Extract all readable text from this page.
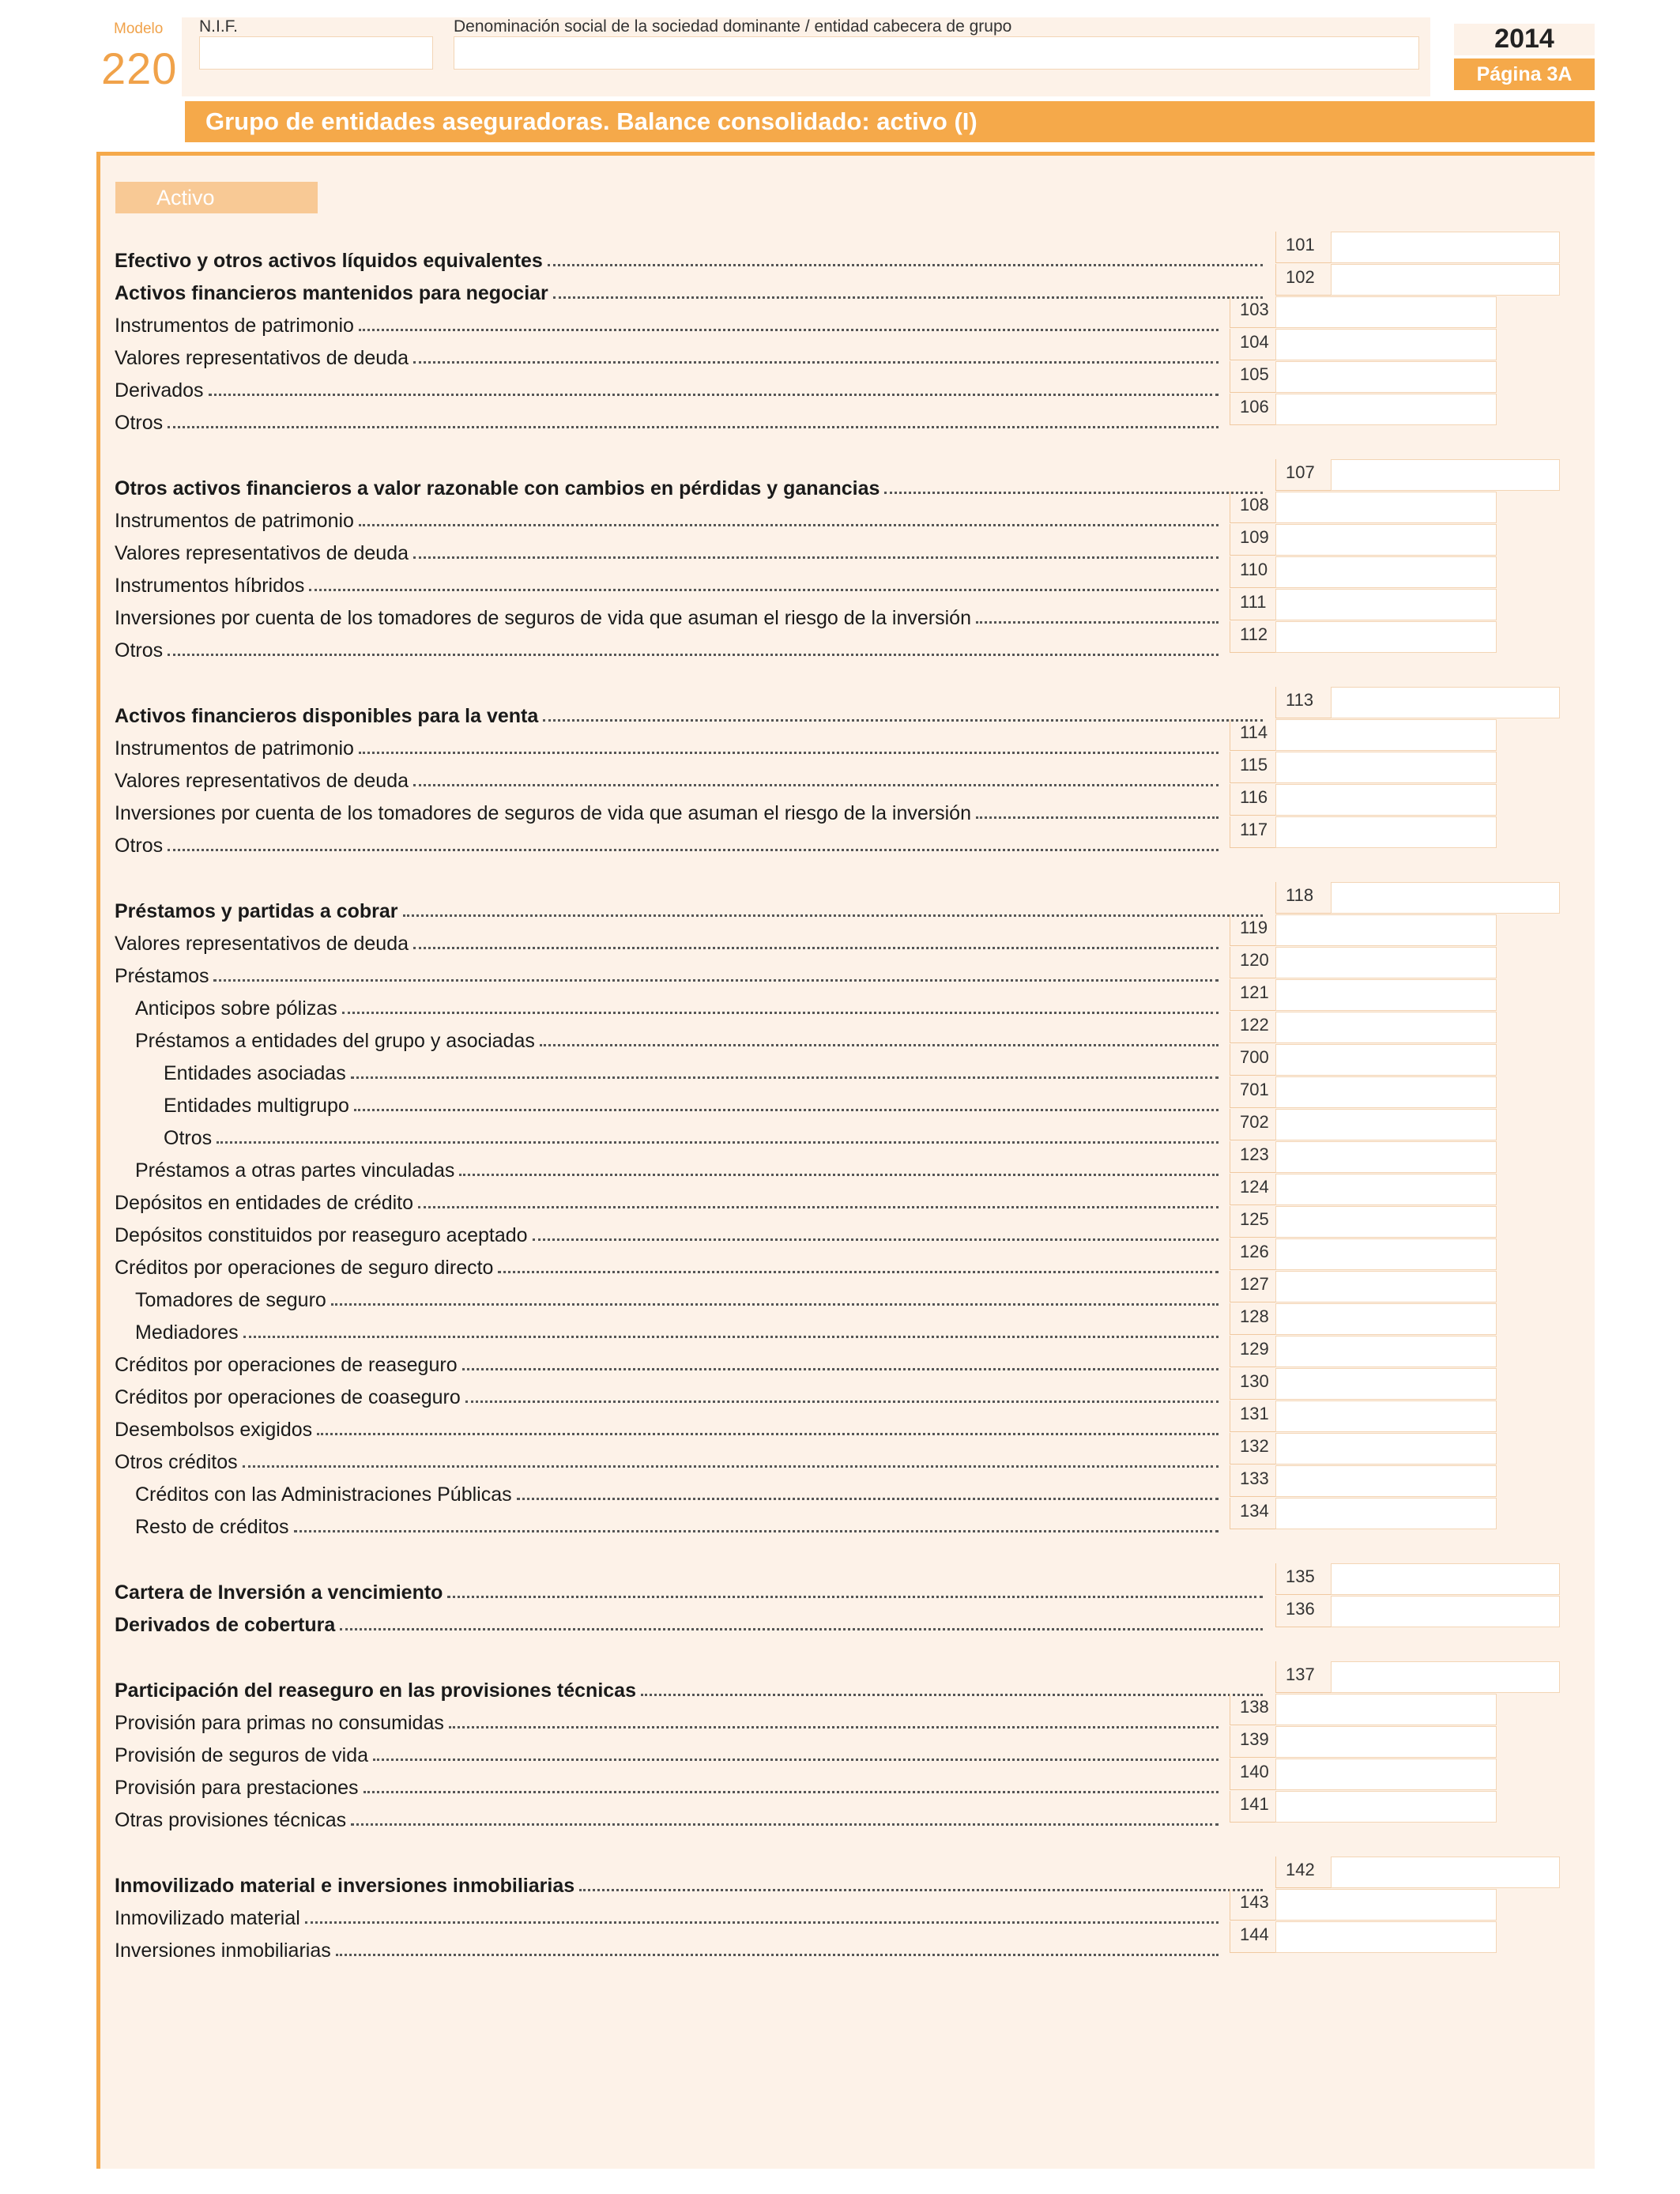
Modelo
220
N.I.F.	Denominación social de la sociedad dominante / entidad cabecera de grupo	2014
Página 3A
Grupo de entidades aseguradoras. Balance consolidado: activo (I)
Activo
Efectivo y otros activos líquidos equivalentes
101
Activos financieros mantenidos para negociar
102
Instrumentos de patrimonio
103
Valores representativos de deuda
104
Derivados
105
Otros
106
Otros activos financieros a valor razonable con cambios en pérdidas y ganancias
107
Instrumentos de patrimonio
108
Valores representativos de deuda
109
Instrumentos híbridos
110
Inversiones por cuenta de los tomadores de seguros de vida que asuman el riesgo de la inversión
111
Otros
112
Activos financieros disponibles para la venta
113
Instrumentos de patrimonio
114
Valores representativos de deuda
115
Inversiones por cuenta de los tomadores de seguros de vida que asuman el riesgo de la inversión
116
Otros
117
Préstamos y partidas a cobrar
118
Valores representativos de deuda
119
Préstamos
120
Anticipos sobre pólizas
121
Préstamos a entidades del grupo y asociadas
122
Entidades asociadas
700
Entidades multigrupo
701
Otros
702
Préstamos a otras partes vinculadas
123
Depósitos en entidades de crédito
124
Depósitos constituidos por reaseguro aceptado
125
Créditos por operaciones de seguro directo
126
Tomadores de seguro
127
Mediadores
128
Créditos por operaciones de reaseguro
129
Créditos por operaciones de coaseguro
130
Desembolsos exigidos
131
Otros créditos
132
Créditos con las Administraciones Públicas
133
Resto de créditos
134
Cartera de Inversión a vencimiento
135
Derivados de cobertura
136
Participación del reaseguro en las provisiones técnicas
137
Provisión para primas no consumidas
138
Provisión de seguros de vida
139
Provisión para prestaciones
140
Otras provisiones técnicas
141
Inmovilizado material e inversiones inmobiliarias
142
Inmovilizado material
143
Inversiones inmobiliarias
144
